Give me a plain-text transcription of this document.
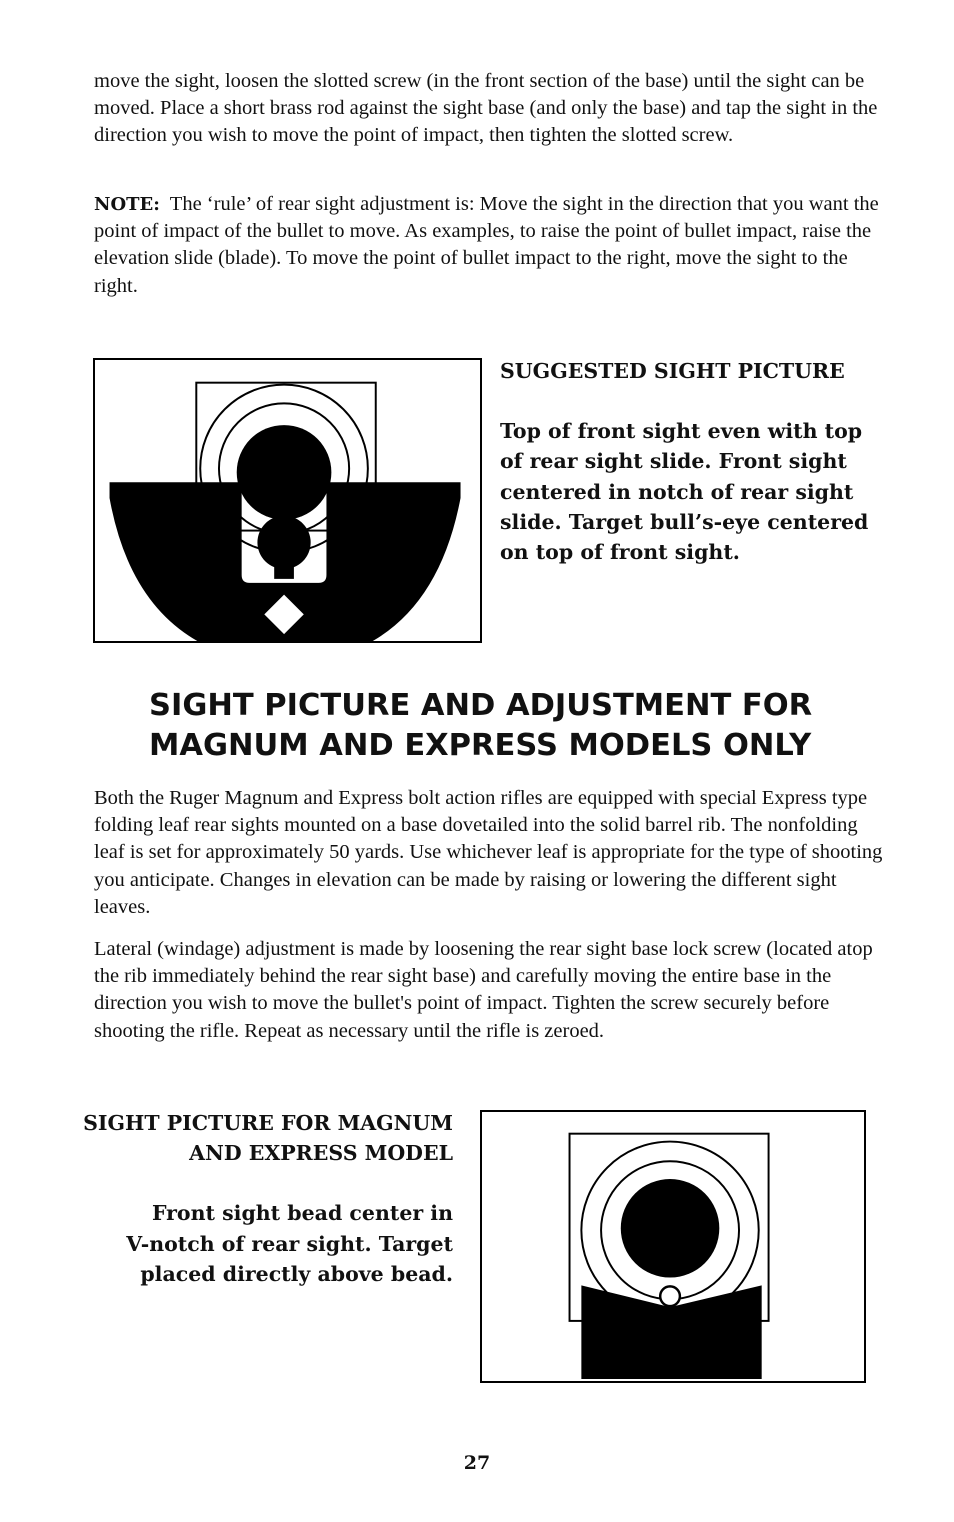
move the sight, loosen the slotted screw (in the front section of the base) until the sight can be moved. Place a short brass rod against the sight base (and only the base) and tap the sight in the direction you wish to move the point of impact, then tighten the slotted screw.

NOTE: The ‘rule’ of rear sight adjustment is: Move the sight in the direction that you want the point of impact of the bullet to move. As examples, to raise the point of bullet impact, raise the elevation slide (blade). To move the point of bullet impact to the right, move the sight to the right.

SUGGESTED SIGHT PICTURE

Top of front sight even with top of rear sight slide. Front sight centered in notch of rear sight slide. Target bull’s-eye centered on top of front sight.

SIGHT PICTURE AND ADJUSTMENT FOR
MAGNUM AND EXPRESS MODELS ONLY

Both the Ruger Magnum and Express bolt action rifles are equipped with special Express type folding leaf rear sights mounted on a base dovetailed into the solid barrel rib. The nonfolding leaf is set for approximately 50 yards. Use whichever leaf is appropriate for the type of shooting you anticipate. Changes in elevation can be made by raising or lowering the different sight leaves.

Lateral (windage) adjustment is made by loosening the rear sight base lock screw (located atop the rib immediately behind the rear sight base) and carefully moving the entire base in the direction you wish to move the bullet's point of impact. Tighten the screw securely before shooting the rifle. Repeat as necessary until the rifle is zeroed.

SIGHT PICTURE FOR MAGNUM

AND EXPRESS MODEL

Front sight bead center in

V-notch of rear sight. Target

placed directly above bead.

27
